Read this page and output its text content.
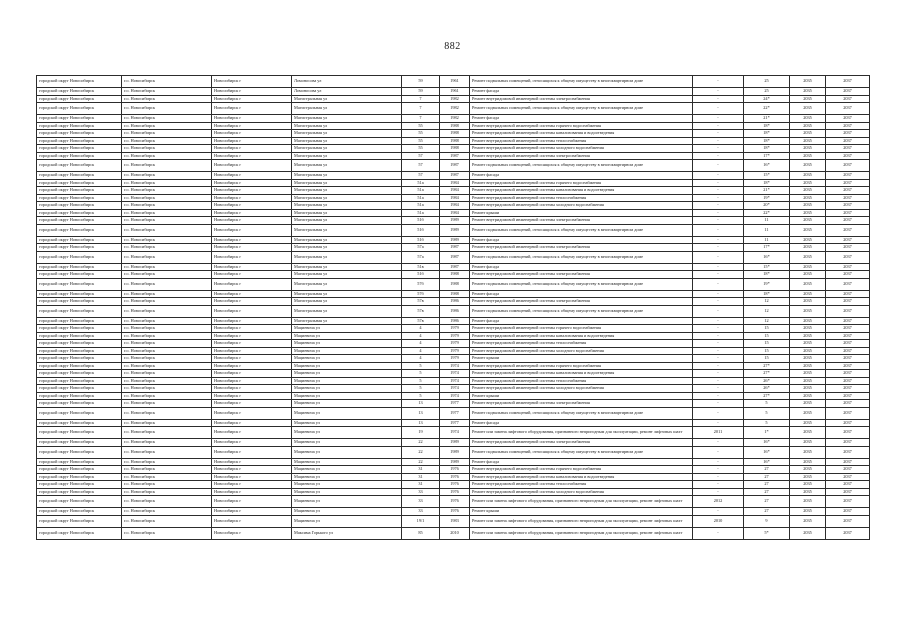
882
городской округ Новосибирск	г.о. Новосибирск	Новосибирск г	Ломоносова ул	59	1961	Ремонт подвальных помещений, относящихся к общему имуществу в многоквартирном доме	-	25	2035	2037
городской округ Новосибирск	г.о. Новосибирск	Новосибирск г	Ломоносова ул	59	1961	Ремонт фасада	-	25	2035	2037
городской округ Новосибирск	г.о. Новосибирск	Новосибирск г	Магистральная ул	7	1982	Ремонт внутридомовой инженерной системы электроснабжения	-	24*	2035	2037
городской округ Новосибирск	г.о. Новосибирск	Новосибирск г	Магистральная ул	7	1982	Ремонт подвальных помещений, относящихся к общему имуществу в многоквартирном доме	-	22*	2035	2037
городской округ Новосибирск	г.о. Новосибирск	Новосибирск г	Магистральная ул	7	1982	Ремонт фасада	-	21*	2035	2037
городской округ Новосибирск	г.о. Новосибирск	Новосибирск г	Магистральная ул	55	1988	Ремонт внутридомовой инженерной системы горячего водоснабжения	-	18*	2035	2037
городской округ Новосибирск	г.о. Новосибирск	Новосибирск г	Магистральная ул	55	1988	Ремонт внутридомовой инженерной системы канализования и водоотведения	-	18*	2035	2037
городской округ Новосибирск	г.о. Новосибирск	Новосибирск г	Магистральная ул	55	1988	Ремонт внутридомовой инженерной системы теплоснабжения	-	18*	2035	2037
городской округ Новосибирск	г.о. Новосибирск	Новосибирск г	Магистральная ул	55	1988	Ремонт внутридомовой инженерной системы холодного водоснабжения	-	18*	2035	2037
городской округ Новосибирск	г.о. Новосибирск	Новосибирск г	Магистральная ул	57	1987	Ремонт внутридомовой инженерной системы электроснабжения	-	17*	2035	2037
городской округ Новосибирск	г.о. Новосибирск	Новосибирск г	Магистральная ул	57	1987	Ремонт подвальных помещений, относящихся к общему имуществу в многоквартирном доме	-	16*	2035	2037
городской округ Новосибирск	г.о. Новосибирск	Новосибирск г	Магистральная ул	57	1987	Ремонт фасада	-	15*	2035	2037
городской округ Новосибирск	г.о. Новосибирск	Новосибирск г	Магистральная ул	51а	1984	Ремонт внутридомовой инженерной системы горячего водоснабжения	-	18*	2035	2037
городской округ Новосибирск	г.о. Новосибирск	Новосибирск г	Магистральная ул	51а	1984	Ремонт внутридомовой инженерной системы канализования и водоотведения	-	21*	2035	2037
городской округ Новосибирск	г.о. Новосибирск	Новосибирск г	Магистральная ул	51а	1984	Ремонт внутридомовой инженерной системы теплоснабжения	-	19*	2035	2037
городской округ Новосибирск	г.о. Новосибирск	Новосибирск г	Магистральная ул	51а	1984	Ремонт внутридомовой инженерной системы холодного водоснабжения	-	20*	2035	2037
городской округ Новосибирск	г.о. Новосибирск	Новосибирск г	Магистральная ул	51а	1984	Ремонт крыши	-	22*	2035	2037
городской округ Новосибирск	г.о. Новосибирск	Новосибирск г	Магистральная ул	51б	1989	Ремонт внутридомовой инженерной системы электроснабжения	-	11	2035	2037
городской округ Новосибирск	г.о. Новосибирск	Новосибирск г	Магистральная ул	51б	1989	Ремонт подвальных помещений, относящихся к общему имуществу в многоквартирном доме	-	11	2035	2037
городской округ Новосибирск	г.о. Новосибирск	Новосибирск г	Магистральная ул	51б	1989	Ремонт фасада	-	11	2035	2037
городской округ Новосибирск	г.о. Новосибирск	Новосибирск г	Магистральная ул	57а	1987	Ремонт внутридомовой инженерной системы электроснабжения	-	17*	2035	2037
городской округ Новосибирск	г.о. Новосибирск	Новосибирск г	Магистральная ул	57а	1987	Ремонт подвальных помещений, относящихся к общему имуществу в многоквартирном доме	-	16*	2035	2037
городской округ Новосибирск	г.о. Новосибирск	Новосибирск г	Магистральная ул	51в	1987	Ремонт фасада	-	15*	2035	2037
городской округ Новосибирск	г.о. Новосибирск	Новосибирск г	Магистральная ул	51б	1988	Ремонт внутридомовой инженерной системы электроснабжения	-	18*	2035	2037
городской округ Новосибирск	г.о. Новосибирск	Новосибирск г	Магистральная ул	57б	1988	Ремонт подвальных помещений, относящихся к общему имуществу в многоквартирном доме	-	19*	2035	2037
городской округ Новосибирск	г.о. Новосибирск	Новосибирск г	Магистральная ул	57б	1988	Ремонт фасада	-	18*	2035	2037
городской округ Новосибирск	г.о. Новосибирск	Новосибирск г	Магистральная ул	57в	1986	Ремонт внутридомовой инженерной системы электроснабжения	-	12	2035	2037
городской округ Новосибирск	г.о. Новосибирск	Новосибирск г	Магистральная ул	57в	1986	Ремонт подвальных помещений, относящихся к общему имуществу в многоквартирном доме	-	12	2035	2037
городской округ Новосибирск	г.о. Новосибирск	Новосибирск г	Магистральная ул	57в	1986	Ремонт фасада	-	12	2035	2037
городской округ Новосибирск	г.о. Новосибирск	Новосибирск г	Мациевича ул	4	1979	Ремонт внутридомовой инженерной системы горячего водоснабжения	-	15	2035	2037
городской округ Новосибирск	г.о. Новосибирск	Новосибирск г	Мациевича ул	4	1979	Ремонт внутридомовой инженерной системы канализования и водоотведения	-	15	2035	2037
городской округ Новосибирск	г.о. Новосибирск	Новосибирск г	Мациевича ул	4	1979	Ремонт внутридомовой инженерной системы теплоснабжения	-	15	2035	2037
городской округ Новосибирск	г.о. Новосибирск	Новосибирск г	Мациевича ул	4	1979	Ремонт внутридомовой инженерной системы холодного водоснабжения	-	15	2035	2037
городской округ Новосибирск	г.о. Новосибирск	Новосибирск г	Мациевича ул	4	1979	Ремонт крыши	-	15	2035	2037
городской округ Новосибирск	г.о. Новосибирск	Новосибирск г	Мациевича ул	5	1974	Ремонт внутридомовой инженерной системы горячего водоснабжения	-	27*	2035	2037
городской округ Новосибирск	г.о. Новосибирск	Новосибирск г	Мациевича ул	5	1974	Ремонт внутридомовой инженерной системы канализования и водоотведения	-	27*	2035	2037
городской округ Новосибирск	г.о. Новосибирск	Новосибирск г	Мациевича ул	5	1974	Ремонт внутридомовой инженерной системы теплоснабжения	-	26*	2035	2037
городской округ Новосибирск	г.о. Новосибирск	Новосибирск г	Мациевича ул	5	1974	Ремонт внутридомовой инженерной системы холодного водоснабжения	-	26*	2035	2037
городской округ Новосибирск	г.о. Новосибирск	Новосибирск г	Мациевича ул	5	1974	Ремонт крыши	-	27*	2035	2037
городской округ Новосибирск	г.о. Новосибирск	Новосибирск г	Мациевича ул	13	1977	Ремонт внутридомовой инженерной системы электроснабжения	-	5	2035	2037
городской округ Новосибирск	г.о. Новосибирск	Новосибирск г	Мациевича ул	13	1977	Ремонт подвальных помещений, относящихся к общему имуществу в многоквартирном доме	-	5	2035	2037
городской округ Новосибирск	г.о. Новосибирск	Новосибирск г	Мациевича ул	13	1977	Ремонт фасада	-	5	2035	2037
городской округ Новосибирск	г.о. Новосибирск	Новосибирск г	Мациевича ул	19	1974	Ремонт или замена лифтового оборудования, признанного непригодным для эксплуатации, ремонт лифтовых шахт	2011	1*	2035	2037
городской округ Новосибирск	г.о. Новосибирск	Новосибирск г	Мациевича ул	22	1989	Ремонт внутридомовой инженерной системы электроснабжения	-	16*	2035	2037
городской округ Новосибирск	г.о. Новосибирск	Новосибирск г	Мациевича ул	22	1989	Ремонт подвальных помещений, относящихся к общему имуществу в многоквартирном доме	-	16*	2035	2037
городской округ Новосибирск	г.о. Новосибирск	Новосибирск г	Мациевича ул	22	1989	Ремонт фасада	-	16*	2035	2037
городской округ Новосибирск	г.о. Новосибирск	Новосибирск г	Мациевича ул	31	1976	Ремонт внутридомовой инженерной системы горячего водоснабжения	-	27	2035	2037
городской округ Новосибирск	г.о. Новосибирск	Новосибирск г	Мациевича ул	31	1976	Ремонт внутридомовой инженерной системы канализования и водоотведения	-	27	2035	2037
городской округ Новосибирск	г.о. Новосибирск	Новосибирск г	Мациевича ул	31	1976	Ремонт внутридомовой инженерной системы теплоснабжения	-	27	2035	2037
городской округ Новосибирск	г.о. Новосибирск	Новосибирск г	Мациевича ул	33	1976	Ремонт внутридомовой инженерной системы холодного водоснабжения	-	27	2035	2037
городской округ Новосибирск	г.о. Новосибирск	Новосибирск г	Мациевича ул	33	1976	Ремонт или замена лифтового оборудования, признанного непригодным для эксплуатации, ремонт лифтовых шахт	2012	27	2035	2037
городской округ Новосибирск	г.о. Новосибирск	Новосибирск г	Мациевича ул	33	1976	Ремонт крыши	-	27	2035	2037
городской округ Новосибирск	г.о. Новосибирск	Новосибирск г	Мациевича ул	19/1	1983	Ремонт или замена лифтового оборудования, признанного непригодным для эксплуатации, ремонт лифтовых шахт	2010	9	2035	2037
городской округ Новосибирск	г.о. Новосибирск	Новосибирск г	Максима Горького ул	85	2010	Ремонт или замена лифтового оборудования, признанного непригодным для эксплуатации, ремонт лифтовых шахт	-	5*	2035	2037
